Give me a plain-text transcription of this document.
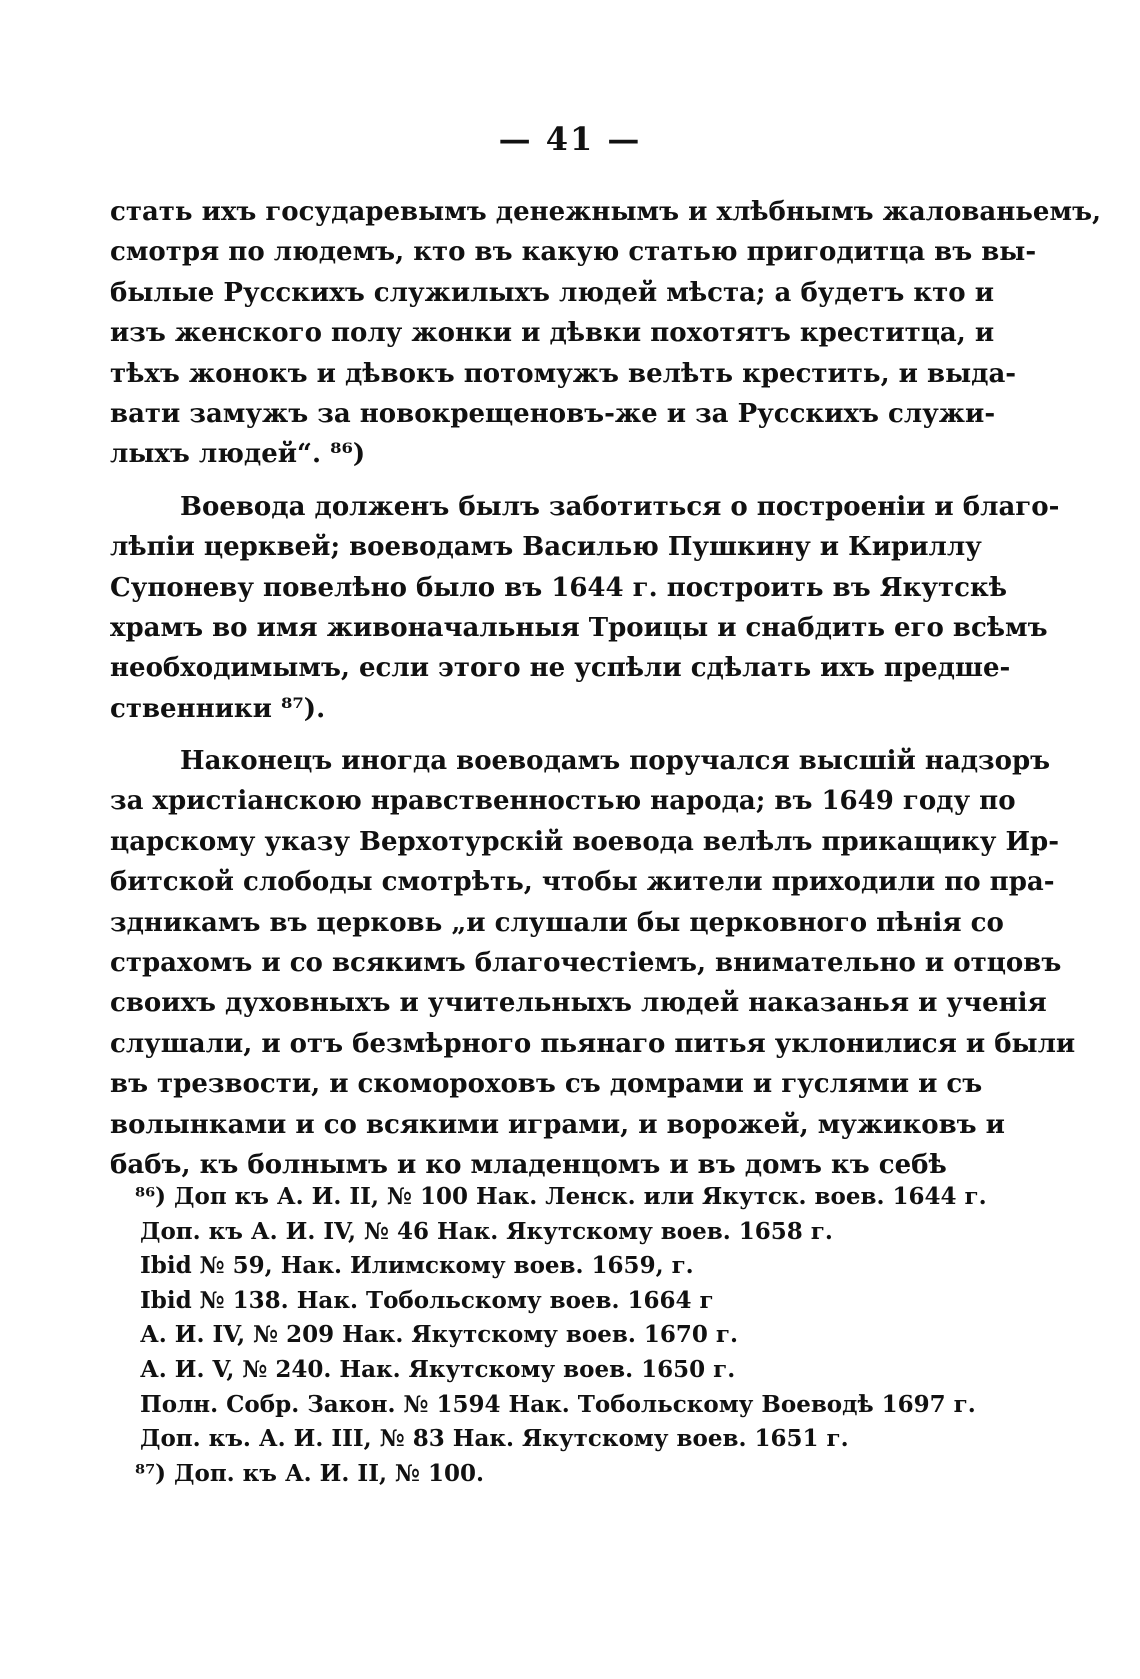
— 41 —
стать ихъ государевымъ денежнымъ и хлѣбнымъ жалованьемъ,
смотря по людемъ, кто въ какую статью пригодитца въ вы-
былые Русскихъ служилыхъ людей мѣста; а будетъ кто и
изъ женского полу жонки и дѣвки похотятъ креститца, и
тѣхъ жонокъ и дѣвокъ потомужъ велѣть крестить, и выда-
вати замужъ за новокрещеновъ-же и за Русскихъ служи-
лыхъ людей“. ⁸⁶)
Воевода долженъ былъ заботиться о построеніи и благо-
лѣпіи церквей; воеводамъ Василью Пушкину и Кириллу
Супоневу повелѣно было въ 1644 г. построить въ Якутскѣ
храмъ во имя живоначальныя Троицы и снабдить его всѣмъ
необходимымъ, если этого не успѣли сдѣлать ихъ предше-
ственники ⁸⁷).
Наконецъ иногда воеводамъ поручался высшій надзоръ
за христіанскою нравственностью народа; въ 1649 году по
царскому указу Верхотурскій воевода велѣлъ прикащику Ир-
битской слободы смотрѣть, чтобы жители приходили по пра-
здникамъ въ церковь „и слушали бы церковного пѣнія со
страхомъ и со всякимъ благочестіемъ, внимательно и отцовъ
своихъ духовныхъ и учительныхъ людей наказанья и ученія
слушали, и отъ безмѣрного пьянаго питья уклонилися и были
въ трезвости, и скомороховъ съ домрами и гуслями и съ
волынками и со всякими играми, и ворожей, мужиковъ и
бабъ, къ болнымъ и ко младенцомъ и въ домъ къ себѣ
⁸⁶) Доп къ А. И. II, № 100 Нак. Ленск. или Якутск. воев. 1644 г.
Доп. къ А. И. IV, № 46 Нак. Якутскому воев. 1658 г.
Ibid № 59, Нак. Илимскому воев. 1659, г.
Ibid № 138. Нак. Тобольскому воев. 1664 г
А. И. IV, № 209 Нак. Якутскому воев. 1670 г.
А. И. V, № 240. Нак. Якутскому воев. 1650 г.
Полн. Собр. Закон. № 1594 Нак. Тобольскому Воеводѣ 1697 г.
Доп. къ. А. И. III, № 83 Нак. Якутскому воев. 1651 г.
⁸⁷) Доп. къ А. И. II, № 100.
